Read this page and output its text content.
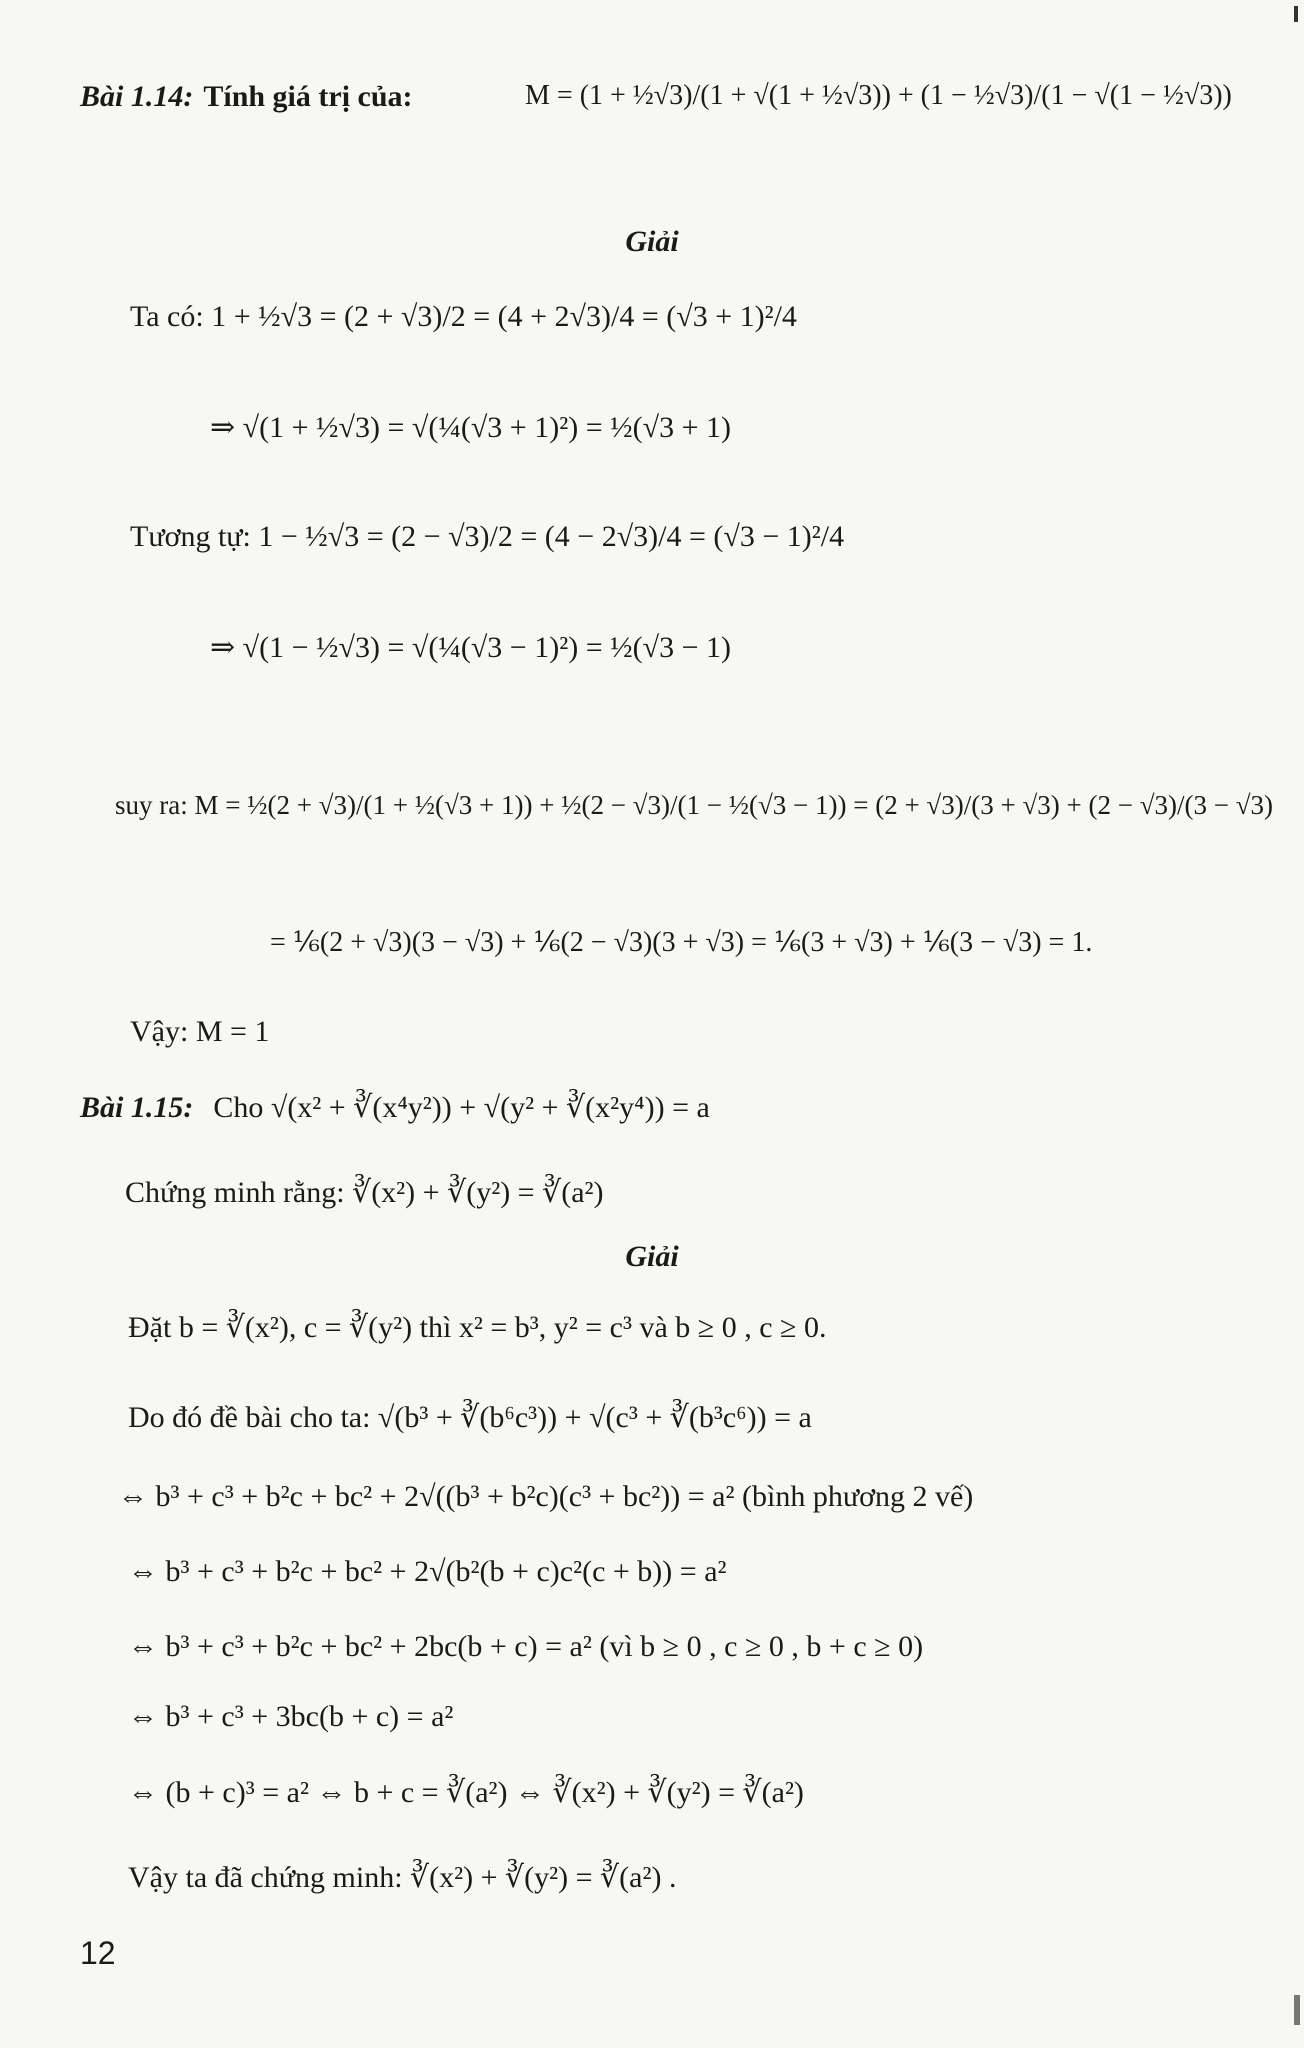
Bài 1.14: Tính giá trị của:	M = (1 + ½√3)/(1 + √(1 + ½√3)) + (1 − ½√3)/(1 − √(1 − ½√3))
Giải
Ta có: 1 + ½√3 = (2 + √3)/2 = (4 + 2√3)/4 = (√3 + 1)²/4
⇒ √(1 + ½√3) = √(¼(√3 + 1)²) = ½(√3 + 1)
Tương tự: 1 − ½√3 = (2 − √3)/2 = (4 − 2√3)/4 = (√3 − 1)²/4
⇒ √(1 − ½√3) = √(¼(√3 − 1)²) = ½(√3 − 1)
suy ra: M = ½(2 + √3)/(1 + ½(√3 + 1)) + ½(2 − √3)/(1 − ½(√3 − 1)) = (2 + √3)/(3 + √3) + (2 − √3)/(3 − √3)
= ⅙(2 + √3)(3 − √3) + ⅙(2 − √3)(3 + √3) = ⅙(3 + √3) + ⅙(3 − √3) = 1.
Vậy: M = 1
Bài 1.15: Cho √(x² + ∛(x⁴y²)) + √(y² + ∛(x²y⁴)) = a
Chứng minh rằng: ∛(x²) + ∛(y²) = ∛(a²)
Giải
Đặt b = ∛(x²), c = ∛(y²) thì x² = b³, y² = c³ và b ≥ 0 , c ≥ 0.
Do đó đề bài cho ta: √(b³ + ∛(b⁶c³)) + √(c³ + ∛(b³c⁶)) = a
⇔ b³ + c³ + b²c + bc² + 2√((b³ + b²c)(c³ + bc²)) = a² (bình phương 2 vế)
⇔ b³ + c³ + b²c + bc² + 2√(b²(b + c)c²(c + b)) = a²
⇔ b³ + c³ + b²c + bc² + 2bc(b + c) = a² (vì b ≥ 0 , c ≥ 0 , b + c ≥ 0)
⇔ b³ + c³ + 3bc(b + c) = a²
⇔ (b + c)³ = a² ⇔ b + c = ∛(a²) ⇔ ∛(x²) + ∛(y²) = ∛(a²)
Vậy ta đã chứng minh: ∛(x²) + ∛(y²) = ∛(a²) .
12
